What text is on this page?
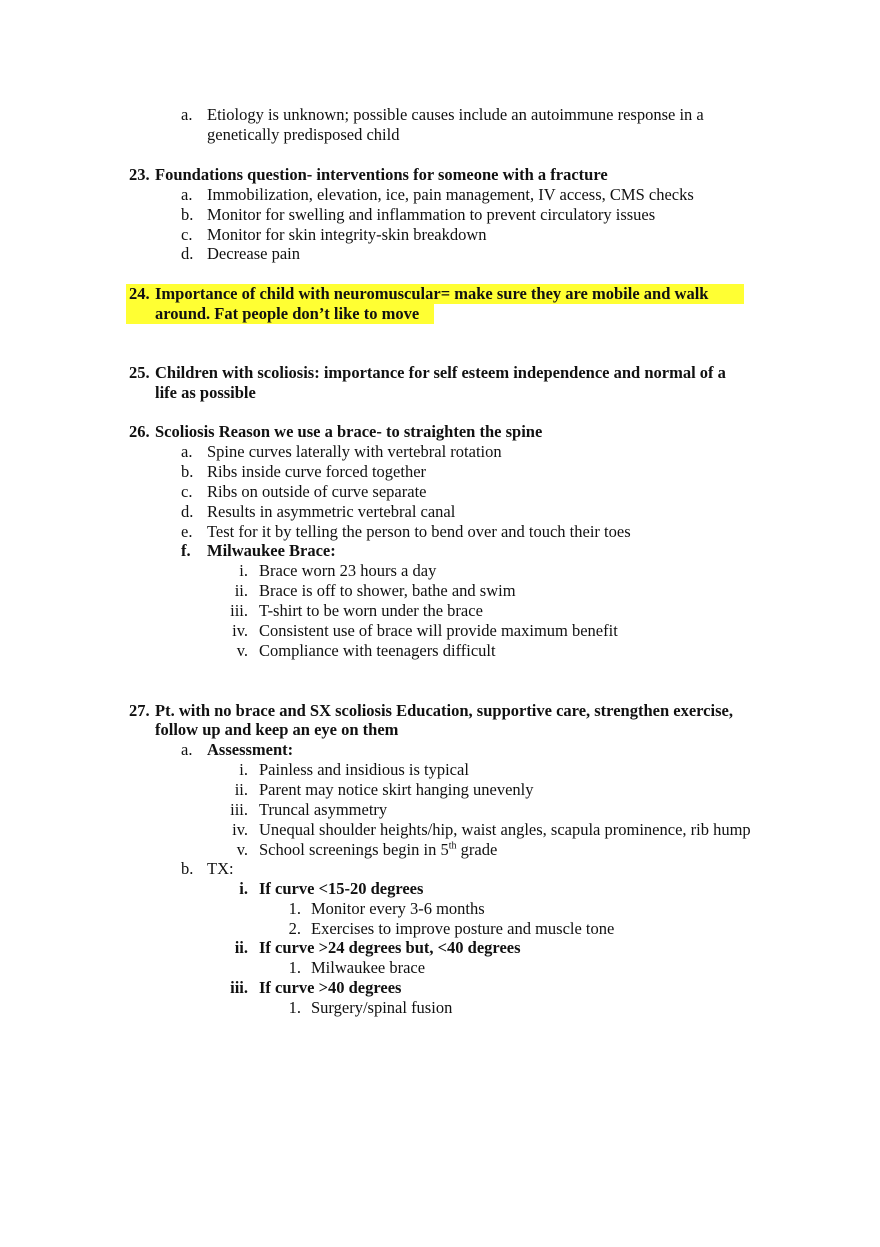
a. Etiology is unknown; possible causes include an autoimmune response in a
genetically predisposed child
23. Foundations question- interventions for someone with a fracture
a. Immobilization, elevation, ice, pain management, IV access, CMS checks
b. Monitor for swelling and inflammation to prevent circulatory issues
c. Monitor for skin integrity-skin breakdown
d. Decrease pain
24. Importance of child with neuromuscular= make sure they are mobile and walk
around. Fat people don’t like to move
25. Children with scoliosis: importance for self esteem independence and normal of a
life as possible
26. Scoliosis Reason we use a brace- to straighten the spine
a. Spine curves laterally with vertebral rotation
b. Ribs inside curve forced together
c. Ribs on outside of curve separate
d. Results in asymmetric vertebral canal
e. Test for it by telling the person to bend over and touch their toes
f. Milwaukee Brace:
i. Brace worn 23 hours a day
ii. Brace is off to shower, bathe and swim
iii. T-shirt to be worn under the brace
iv. Consistent use of brace will provide maximum benefit
v. Compliance with teenagers difficult
27. Pt. with no brace and SX scoliosis Education, supportive care, strengthen exercise,
follow up and keep an eye on them
a. Assessment:
i. Painless and insidious is typical
ii. Parent may notice skirt hanging unevenly
iii. Truncal asymmetry
iv. Unequal shoulder heights/hip, waist angles, scapula prominence, rib hump
v. School screenings begin in 5th grade
b. TX:
i. If curve <15-20 degrees
1. Monitor every 3-6 months
2. Exercises to improve posture and muscle tone
ii. If curve >24 degrees but, <40 degrees
1. Milwaukee brace
iii. If curve >40 degrees
1. Surgery/spinal fusion
